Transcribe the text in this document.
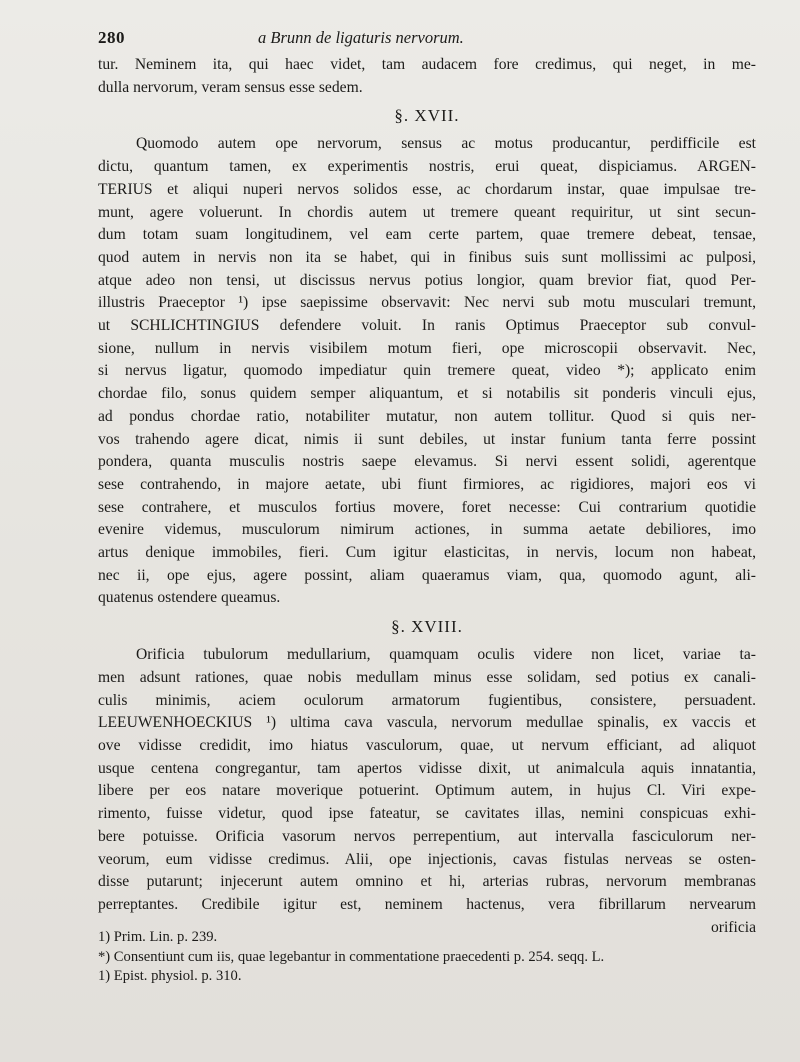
280	a Brunn de ligaturis nervorum.
tur. Neminem ita, qui haec videt, tam audacem fore credimus, qui neget, in me-
dulla nervorum, veram sensus esse sedem.
§. XVII.
Quomodo autem ope nervorum, sensus ac motus producantur, perdifficile est
dictu, quantum tamen, ex experimentis nostris, erui queat, dispiciamus. ARGEN-
TERIUS et aliqui nuperi nervos solidos esse, ac chordarum instar, quae impulsae tre-
munt, agere voluerunt. In chordis autem ut tremere queant requiritur, ut sint secun-
dum totam suam longitudinem, vel eam certe partem, quae tremere debeat, tensae,
quod autem in nervis non ita se habet, qui in finibus suis sunt mollissimi ac pulposi,
atque adeo non tensi, ut discissus nervus potius longior, quam brevior fiat, quod Per-
illustris Praeceptor ¹) ipse saepissime observavit: Nec nervi sub motu musculari tremunt,
ut SCHLICHTINGIUS defendere voluit. In ranis Optimus Praeceptor sub convul-
sione, nullum in nervis visibilem motum fieri, ope microscopii observavit. Nec,
si nervus ligatur, quomodo impediatur quin tremere queat, video *); applicato enim
chordae filo, sonus quidem semper aliquantum, et si notabilis sit ponderis vinculi ejus,
ad pondus chordae ratio, notabiliter mutatur, non autem tollitur. Quod si quis ner-
vos trahendo agere dicat, nimis ii sunt debiles, ut instar funium tanta ferre possint
pondera, quanta musculis nostris saepe elevamus. Si nervi essent solidi, agerentque
sese contrahendo, in majore aetate, ubi fiunt firmiores, ac rigidiores, majori eos vi
sese contrahere, et musculos fortius movere, foret necesse: Cui contrarium quotidie
evenire videmus, musculorum nimirum actiones, in summa aetate debiliores, imo
artus denique immobiles, fieri. Cum igitur elasticitas, in nervis, locum non habeat,
nec ii, ope ejus, agere possint, aliam quaeramus viam, qua, quomodo agunt, ali-
quatenus ostendere queamus.
§. XVIII.
Orificia tubulorum medullarium, quamquam oculis videre non licet, variae ta-
men adsunt rationes, quae nobis medullam minus esse solidam, sed potius ex canali-
culis minimis, aciem oculorum armatorum fugientibus, consistere, persuadent.
LEEUWENHOECKIUS ¹) ultima cava vascula, nervorum medullae spinalis, ex vaccis et
ove vidisse credidit, imo hiatus vasculorum, quae, ut nervum efficiant, ad aliquot
usque centena congregantur, tam apertos vidisse dixit, ut animalcula aquis innatantia,
libere per eos natare moverique potuerint. Optimum autem, in hujus Cl. Viri expe-
rimento, fuisse videtur, quod ipse fateatur, se cavitates illas, nemini conspicuas exhi-
bere potuisse. Orificia vasorum nervos perrepentium, aut intervalla fasciculorum ner-
veorum, eum vidisse credimus. Alii, ope injectionis, cavas fistulas nerveas se osten-
disse putarunt; injecerunt autem omnino et hi, arterias rubras, nervorum membranas
perreptantes. Credibile igitur est, neminem hactenus, vera fibrillarum nervearum
orificia
1) Prim. Lin. p. 239.
*) Consentiunt cum iis, quae legebantur in commentatione praecedenti p. 254. seqq. L.
1) Epist. physiol. p. 310.
